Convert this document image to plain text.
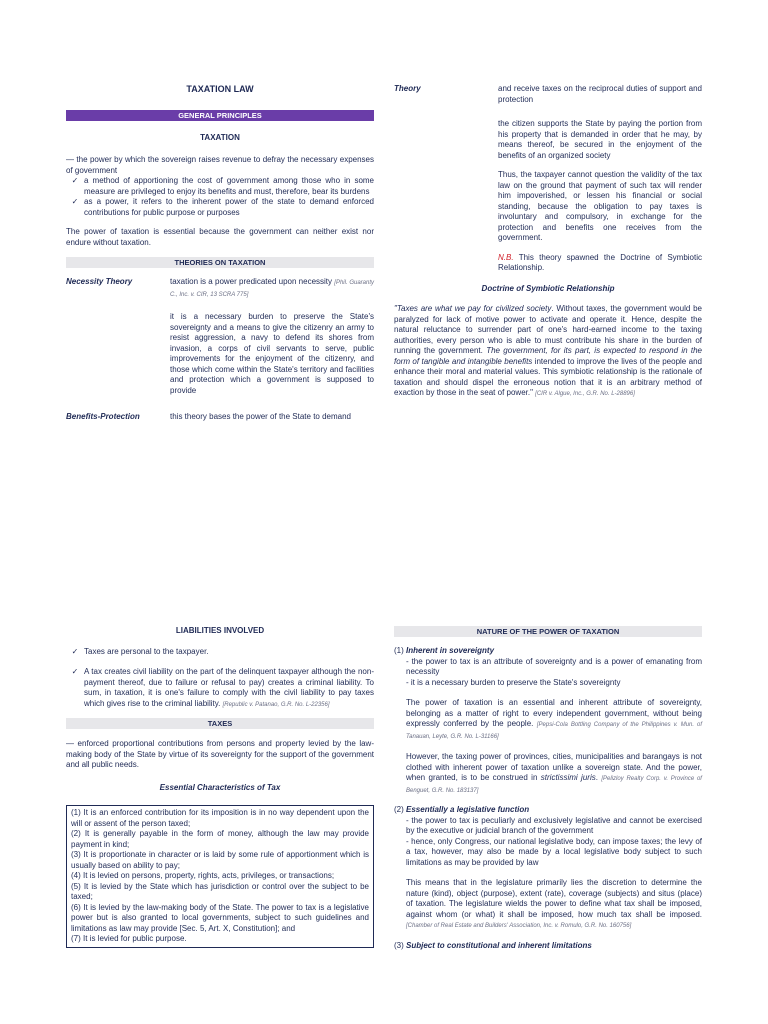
TAXATION LAW
GENERAL PRINCIPLES
TAXATION

— the power by which the sovereign raises revenue to defray the necessary expenses of government

✓ a method of apportioning the cost of government among those who in some measure are privileged to enjoy its benefits and must, therefore, bear its burdens
✓ as a power, it refers to the inherent power of the state to demand enforced contributions for public purpose or purposes

The power of taxation is essential because the government can neither exist nor endure without taxation.

THEORIES ON TAXATION
Necessity Theory	taxation is a power predicated upon necessity [Phil. Guaranty C., Inc. v. CIR, 13 SCRA 775]
it is a necessary burden to preserve the State's sovereignty and a means to give the citizenry an army to resist aggression, a navy to defend its shores from invasion, a corps of civil servants to serve, public improvements for the enjoyment of the citizenry, and those which come within the State's territory and facilities and protection which a government is supposed to provide
Benefits-Protection	this theory bases the power of the State to demand
Theory	and receive taxes on the reciprocal duties of support and protection
the citizen supports the State by paying the portion from his property that is demanded in order that he may, by means thereof, be secured in the enjoyment of the benefits of an organized society
Thus, the taxpayer cannot question the validity of the tax law on the ground that payment of such tax will render him impoverished, or lessen his financial or social standing, because the obligation to pay taxes is involuntary and compulsory, in exchange for the protection and benefits one receives from the government.
N.B. This theory spawned the Doctrine of Symbiotic Relationship.
Doctrine of Symbiotic Relationship

"Taxes are what we pay for civilized society. Without taxes, the government would be paralyzed for lack of motive power to activate and operate it. Hence, despite the natural reluctance to surrender part of one's hard-earned income to the taxing authorities, every person who is able to must contribute his share in the burden of running the government. The government, for its part, is expected to respond in the form of tangible and intangible benefits intended to improve the lives of the people and enhance their moral and material values. This symbiotic relationship is the rationale of taxation and should dispel the erroneous notion that it is an arbitrary method of exaction by those in the seat of power." [CIR v. Algue, Inc., G.R. No. L-28896]

LIABILITIES INVOLVED
✓ Taxes are personal to the taxpayer.
✓ A tax creates civil liability on the part of the delinquent taxpayer although the non-payment thereof, due to failure or refusal to pay) creates a criminal liability. To sum, in taxation, it is one's failure to comply with the civil liability to pay taxes which gives rise to the criminal liability. [Republic v. Patanao, G.R. No. L-22356]
TAXES

— enforced proportional contributions from persons and property levied by the law-making body of the State by virtue of its sovereignty for the support of the government and all public needs.

Essential Characteristics of Tax
(1) It is an enforced contribution for its imposition is in no way dependent upon the will or assent of the person taxed;
(2) It is generally payable in the form of money, although the law may provide payment in kind;
(3) It is proportionate in character or is laid by some rule of apportionment which is usually based on ability to pay;
(4) It is levied on persons, property, rights, acts, privileges, or transactions;
(5) It is levied by the State which has jurisdiction or control over the subject to be taxed;
(6) It is levied by the law-making body of the State. The power to tax is a legislative power but is also granted to local governments, subject to such guidelines and limitations as law may provide [Sec. 5, Art. X, Constitution]; and
(7) It is levied for public purpose.
NATURE OF THE POWER OF TAXATION
(1) Inherent in sovereignty

- the power to tax is an attribute of sovereignty and is a power of emanating from necessity

- it is a necessary burden to preserve the State's sovereignty

The power of taxation is an essential and inherent attribute of sovereignty, belonging as a matter of right to every independent government, without being expressly conferred by the people. [Pepsi-Cola Bottling Company of the Philippines v. Mun. of Tanauan, Leyte, G.R. No. L-31166]

However, the taxing power of provinces, cities, municipalities and barangays is not clothed with inherent power of taxation unlike a sovereign state. And the power, when granted, is to be construed in strictissimi juris. [Pelizloy Realty Corp. v. Province of Benguet, G.R. No. 183137]

(2) Essentially a legislative function

- the power to tax is peculiarly and exclusively legislative and cannot be exercised by the executive or judicial branch of the government

- hence, only Congress, our national legislative body, can impose taxes; the levy of a tax, however, may also be made by a local legislative body subject to such limitations as may be provided by law

This means that in the legislature primarily lies the discretion to determine the nature (kind), object (purpose), extent (rate), coverage (subjects) and situs (place) of taxation. The legislature wields the power to define what tax shall be imposed, against whom (or what) it shall be imposed, how much tax shall be imposed. [Chamber of Real Estate and Builders' Association, Inc. v. Romulo, G.R. No. 160756]

(3) Subject to constitutional and inherent limitations
